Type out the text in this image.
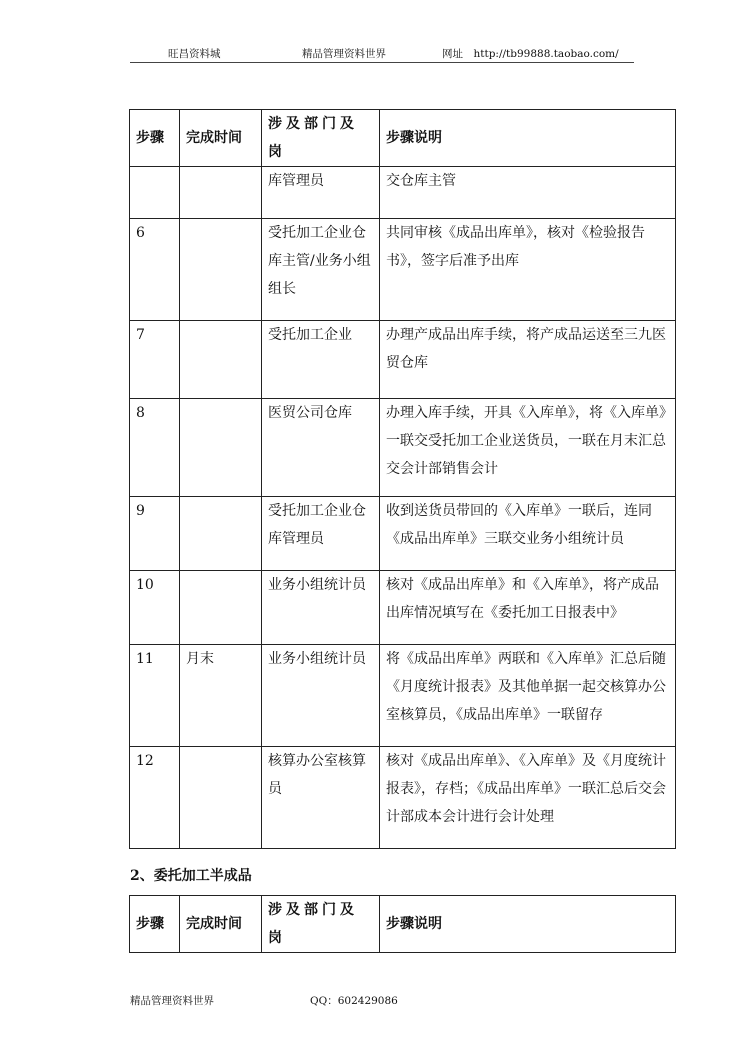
旺昌资料城	精品管理资料世界	网址　http://tb99888.taobao.com/
步骤	完成时间	涉及部门及岗	步骤说明
		库管理员	交仓库主管
6		受托加工企业仓库主管/业务小组组长	共同审核《成品出库单》，核对《检验报告书》，签字后准予出库
7		受托加工企业	办理产成品出库手续，将产成品运送至三九医贸仓库
8		医贸公司仓库	办理入库手续，开具《入库单》，将《入库单》一联交受托加工企业送货员，一联在月末汇总交会计部销售会计
9		受托加工企业仓库管理员	收到送货员带回的《入库单》一联后，连同《成品出库单》三联交业务小组统计员
10		业务小组统计员	核对《成品出库单》和《入库单》，将产成品出库情况填写在《委托加工日报表中》
11	月末	业务小组统计员	将《成品出库单》两联和《入库单》汇总后随《月度统计报表》及其他单据一起交核算办公室核算员，《成品出库单》一联留存
12		核算办公室核算员	核对《成品出库单》、《入库单》及《月度统计报表》，存档；《成品出库单》一联汇总后交会计部成本会计进行会计处理
2、委托加工半成品
步骤	完成时间	涉及部门及岗	步骤说明
精品管理资料世界	QQ：602429086
